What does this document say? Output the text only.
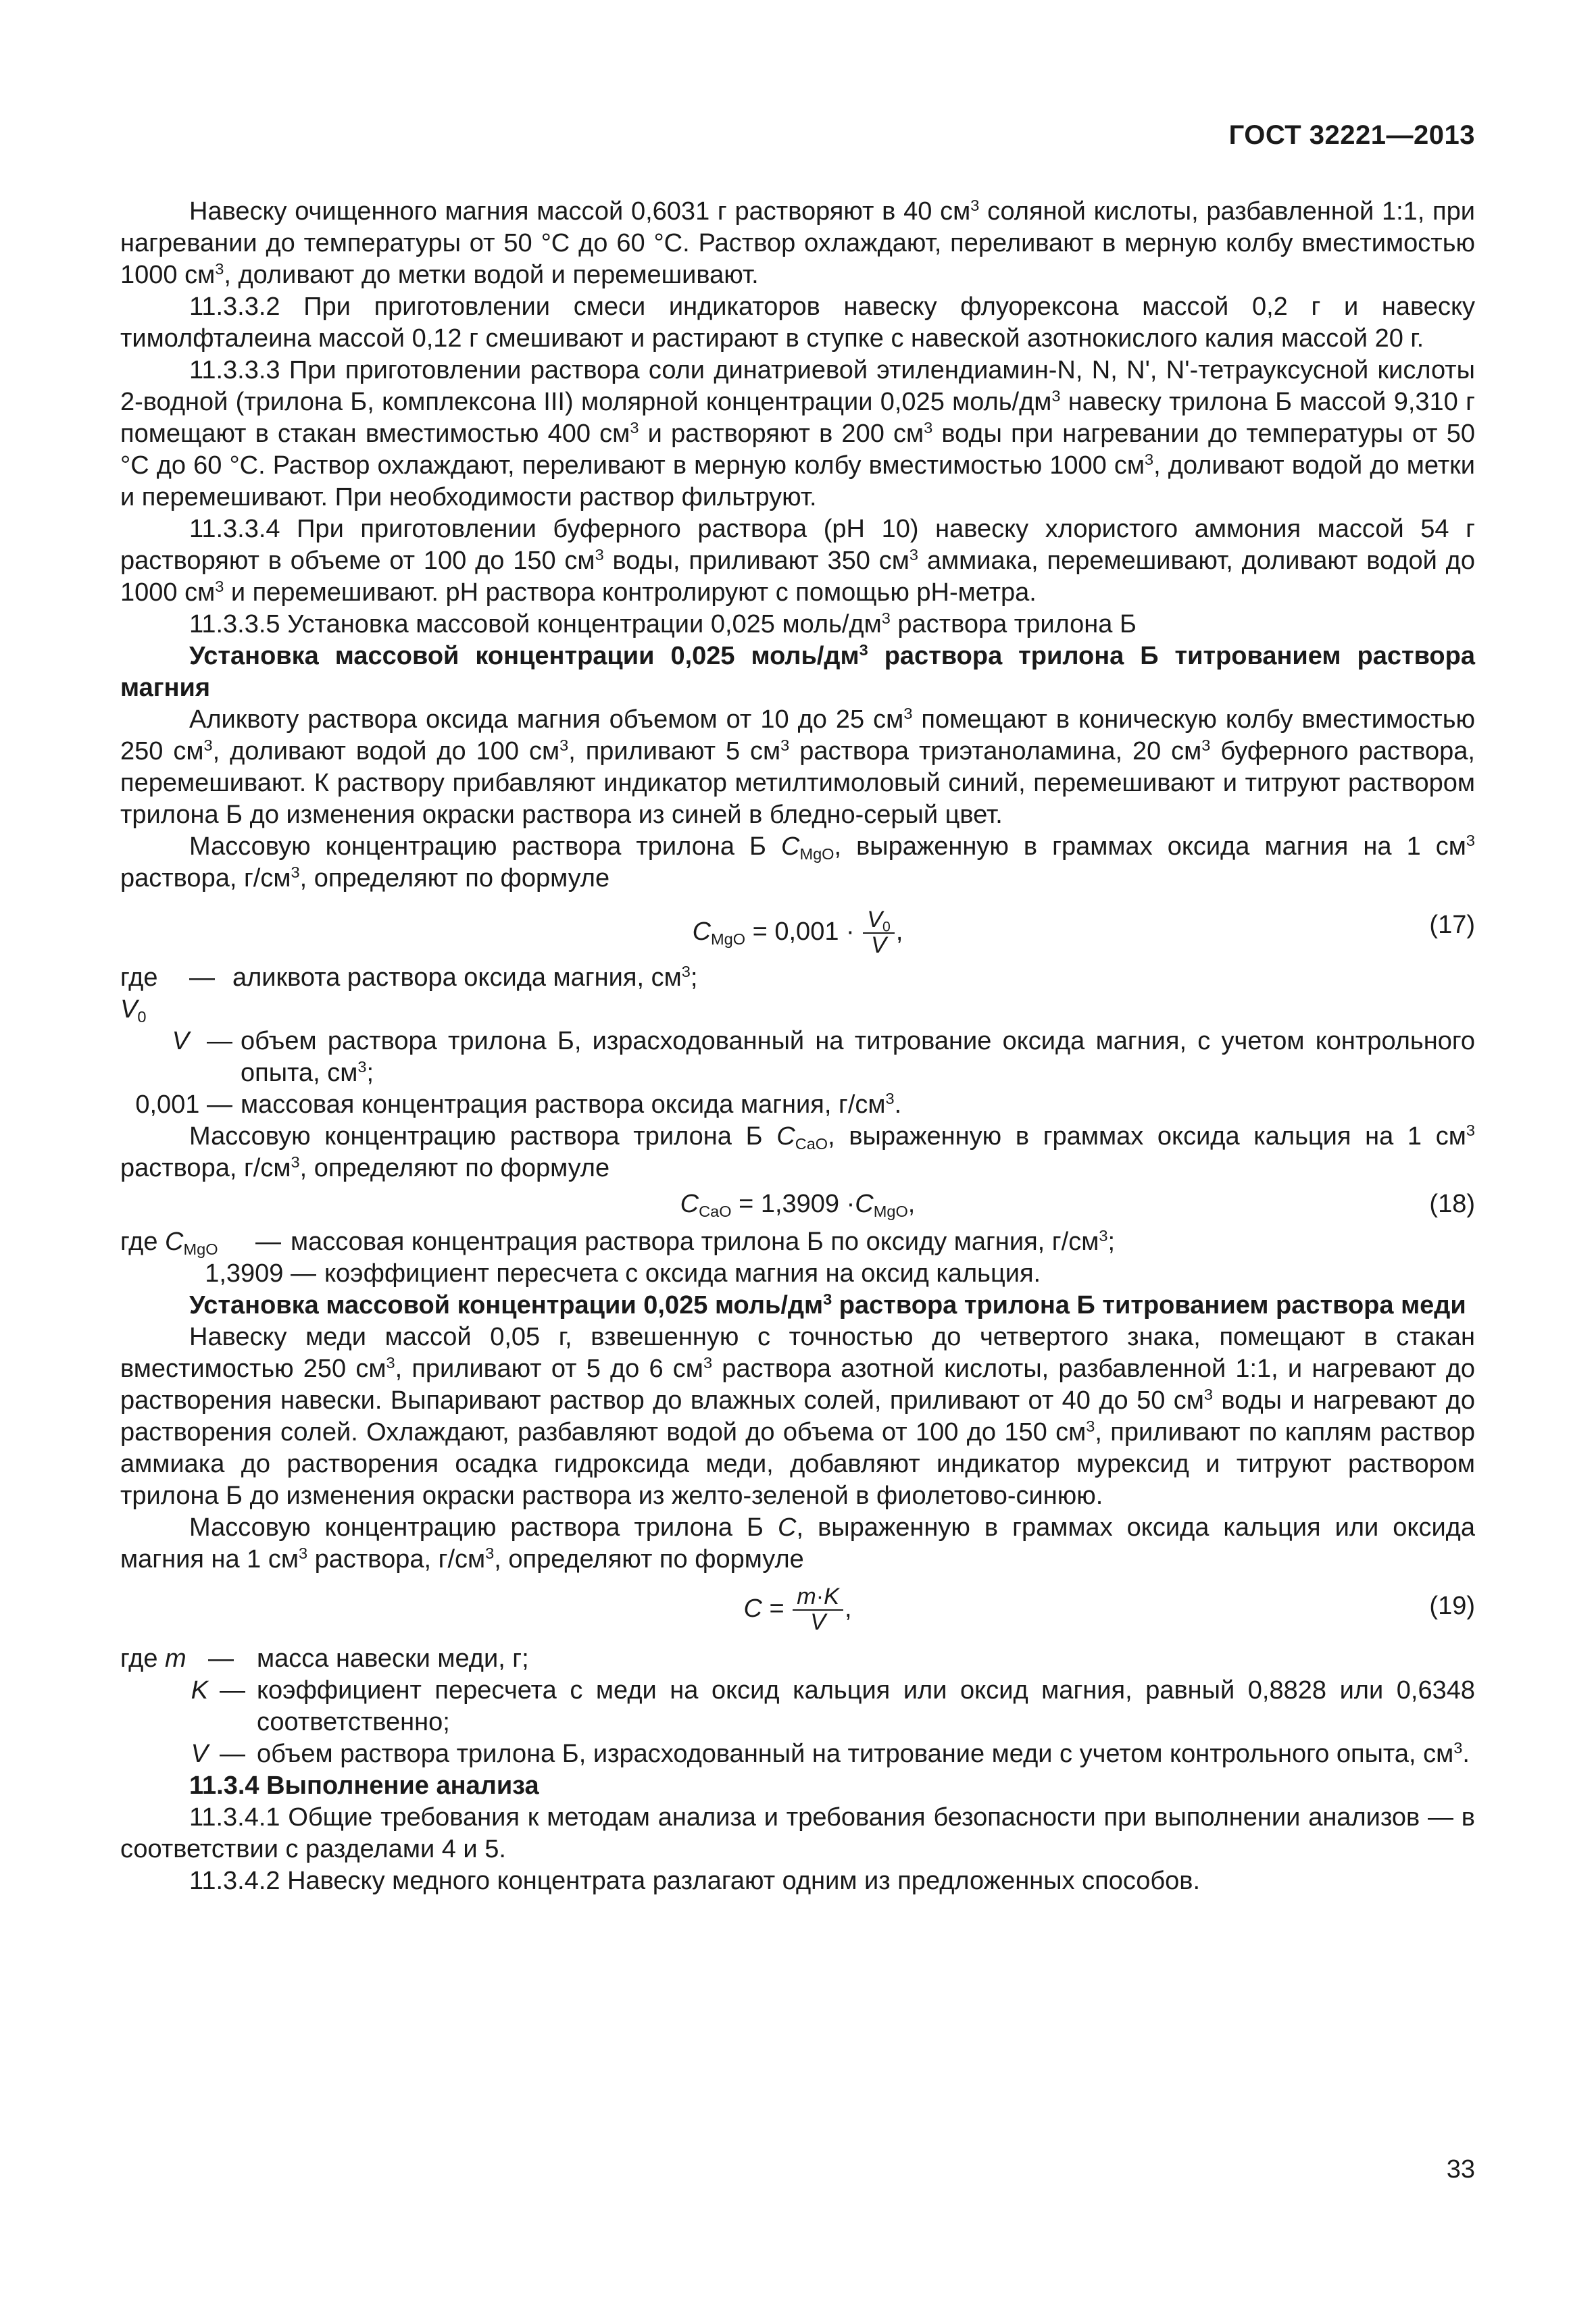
ГОСТ 32221—2013

Навеску очищенного магния массой 0,6031 г растворяют в 40 $см^3$ соляной кислоты, разбавленной 1:1, при нагревании до температуры от 50 °С до 60 °С. Раствор охлаждают, переливают в мерную колбу вместимостью 1000 $см^3$, доливают до метки водой и перемешивают.

11.3.3.2 При приготовлении смеси индикаторов навеску флуорексона массой 0,2 г и навеску тимолфталеина массой 0,12 г смешивают и растирают в ступке с навеской азотнокислого калия массой 20 г.

11.3.3.3 При приготовлении раствора соли динатриевой этилендиамин-N, N, N', N'-тетрауксусной кислоты 2-водной (трилона Б, комплексона III) молярной концентрации 0,025 моль/$дм^3$ навеску трилона Б массой 9,310 г помещают в стакан вместимостью 400 $см^3$ и растворяют в 200 $см^3$ воды при нагревании до температуры от 50 °С до 60 °С. Раствор охлаждают, переливают в мерную колбу вместимостью 1000 $см^3$, доливают водой до метки и перемешивают. При необходимости раствор фильтруют.

11.3.3.4 При приготовлении буферного раствора (pH 10) навеску хлористого аммония массой 54 г растворяют в объеме от 100 до 150 $см^3$ воды, приливают 350 $см^3$ аммиака, перемешивают, доливают водой до 1000 $см^3$ и перемешивают. pH раствора контролируют с помощью pH-метра.

11.3.3.5 Установка массовой концентрации 0,025 моль/$дм^3$ раствора трилона Б

Установка массовой концентрации 0,025 моль/$дм^3$ раствора трилона Б титрованием раствора магния

Аликвоту раствора оксида магния объемом от 10 до 25 $см^3$ помещают в коническую колбу вместимостью 250 $см^3$, доливают водой до 100 $см^3$, приливают 5 $см^3$ раствора триэтаноламина, 20 $см^3$ буферного раствора, перемешивают. К раствору прибавляют индикатор метилтимоловый синий, перемешивают и титруют раствором трилона Б до изменения окраски раствора из синей в бледно-серый цвет.

Массовую концентрацию раствора трилона Б $C_{MgO}$, выраженную в граммах оксида магния на 1 $см^3$ раствора, $г/см^3$, определяют по формуле

$C_{MgO} = 0,001 \cdot \frac{V_0}{V}$ ,	(17)
где $V_0$
— аликвота раствора оксида магния, $см^3$;
V — объем раствора трилона Б, израсходованный на титрование оксида магния, с учетом контрольного опыта, $см^3$;
0,001 — массовая концентрация раствора оксида магния, $г/см^3$.

Массовую концентрацию раствора трилона Б $C_{CaO}$, выраженную в граммах оксида кальция на 1 $см^3$ раствора, $г/см^3$, определяют по формуле

$C_{CaO} = 1,3909 \cdot C_{MgO}$,	(18)
где $C_{MgO}$	— массовая концентрация раствора трилона Б по оксиду магния, $г/см^3$;
1,3909 — коэффициент пересчета с оксида магния на оксид кальция.

Установка массовой концентрации 0,025 моль/$дм^3$ раствора трилона Б титрованием раствора меди

Навеску меди массой 0,05 г, взвешенную с точностью до четвертого знака, помещают в стакан вместимостью 250 $см^3$, приливают от 5 до 6 $см^3$ раствора азотной кислоты, разбавленной 1:1, и нагревают до растворения навески. Выпаривают раствор до влажных солей, приливают от 40 до 50 $см^3$ воды и нагревают до растворения солей. Охлаждают, разбавляют водой до объема от 100 до 150 $см^3$, приливают по каплям раствор аммиака до растворения осадка гидроксида меди, добавляют индикатор мурексид и титруют раствором трилона Б до изменения окраски раствора из желто-зеленой в фиолетово-синюю.

Массовую концентрацию раствора трилона Б C, выраженную в граммах оксида кальция или оксида магния на 1 $см^3$ раствора, $г/см^3$, определяют по формуле

$C = \frac{m\cdot K}{V}$ ,	(19)
где m — масса навески меди, г;
K — коэффициент пересчета с меди на оксид кальция или оксид магния, равный 0,8828 или 0,6348 соответственно;
V — объем раствора трилона Б, израсходованный на титрование меди с учетом контрольного опыта, $см^3$.

11.3.4 Выполнение анализа

11.3.4.1 Общие требования к методам анализа и требования безопасности при выполнении анализов — в соответствии с разделами 4 и 5.

11.3.4.2 Навеску медного концентрата разлагают одним из предложенных способов.

33
